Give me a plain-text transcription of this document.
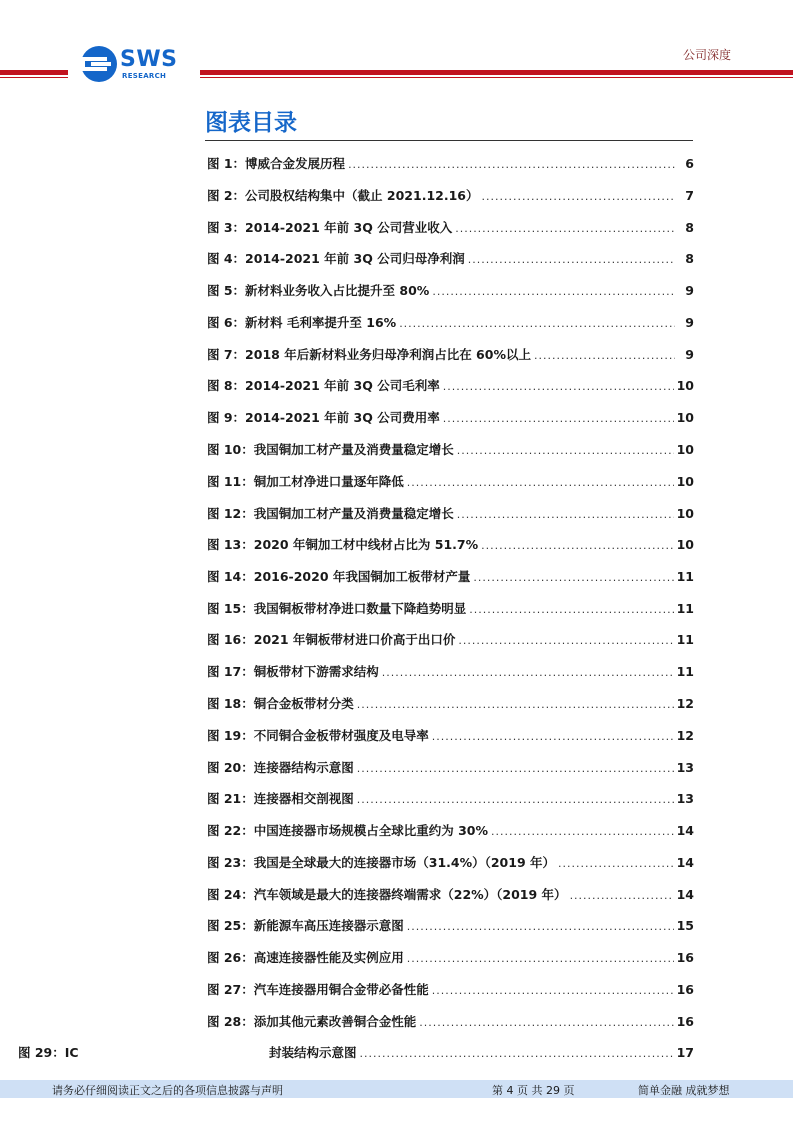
SWS
RESEARCH
公司深度
图表目录
图 1：博威合金发展历程 .....	6
图 2：公司股权结构集中（截止 2021.12.16） .....	7
图 3：2014-2021 年前 3Q 公司营业收入 .....	8
图 4：2014-2021 年前 3Q 公司归母净利润 .....	8
图 5：新材料业务收入占比提升至 80% .....	9
图 6：新材料 毛利率提升至 16% .....	9
图 7：2018 年后新材料业务归母净利润占比在 60%以上 .....	9
图 8：2014-2021 年前 3Q 公司毛利率 .....	10
图 9：2014-2021 年前 3Q 公司费用率 .....	10
图 10：我国铜加工材产量及消费量稳定增长 .....	10
图 11：铜加工材净进口量逐年降低 .....	10
图 12：我国铜加工材产量及消费量稳定增长 .....	10
图 13：2020 年铜加工材中线材占比为 51.7% .....	10
图 14：2016-2020 年我国铜加工板带材产量 .....	11
图 15：我国铜板带材净进口数量下降趋势明显 .....	11
图 16：2021 年铜板带材进口价高于出口价 .....	11
图 17：铜板带材下游需求结构 .....	11
图 18：铜合金板带材分类 .....	12
图 19：不同铜合金板带材强度及电导率 .....	12
图 20：连接器结构示意图 .....	13
图 21：连接器相交剖视图 .....	13
图 22：中国连接器市场规模占全球比重约为 30% .....	14
图 23：我国是全球最大的连接器市场（31.4%）（2019 年） .....	14
图 24：汽车领域是最大的连接器终端需求（22%）（2019 年） .....	14
图 25：新能源车高压连接器示意图 .....	15
图 26：高速连接器性能及实例应用 .....	16
图 27：汽车连接器用铜合金带必备性能 .....	16
图 28：添加其他元素改善铜合金性能 .....	16
图 29：IC	封装结构示意图 .....	17
请务必仔细阅读正文之后的各项信息披露与声明	第 4 页 共 29 页	简单金融 成就梦想
